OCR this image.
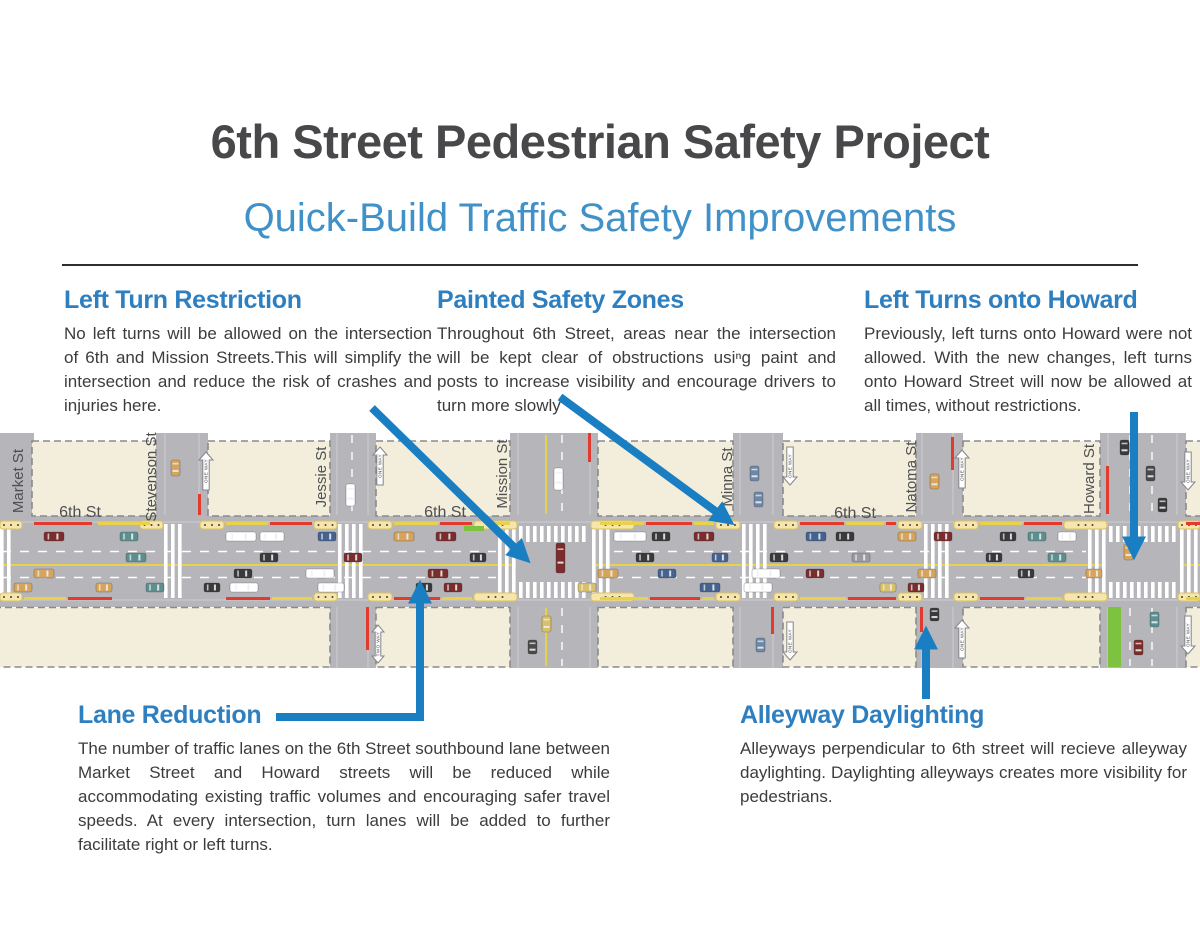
Market St	Stevenson St	Jessie St	Mission St	Minna St	Natoma St	Howard St
6th St	6th St	6th St
ONE WAY	ONE WAY	ONE WAY	ONE WAY	ONE WAY
TWO WAY	ONE WAY	ONE WAY	ONE WAY
6th Street Pedestrian Safety Project
Quick-Build Traffic Safety Improvements
Left Turn Restriction

No left turns will be allowed on the intersection of 6th and Mission Streets.This will simplify the intersection and reduce the risk of crashes and injuries here.

Painted Safety Zones

Throughout 6th Street, areas near the intersection will be kept clear of obstructions usiⁿg paint and posts to increase visibility and encourage drivers to turn more slowly

Left Turns onto Howard

Previously, left turns onto Howard were not allowed. With the new changes, left turns onto Howard Street will now be allowed at all times, without restrictions.

Lane Reduction

The number of traffic lanes on the 6th Street southbound lane between Market Street and Howard streets will be reduced while accommodating existing traffic volumes and encouraging safer travel speeds. At every intersection, turn lanes will be added to further facilitate right or left turns.

Alleyway Daylighting

Alleyways perpendicular to 6th street will recieve alleyway daylighting. Daylighting alleyways creates more visibility for pedestrians.
